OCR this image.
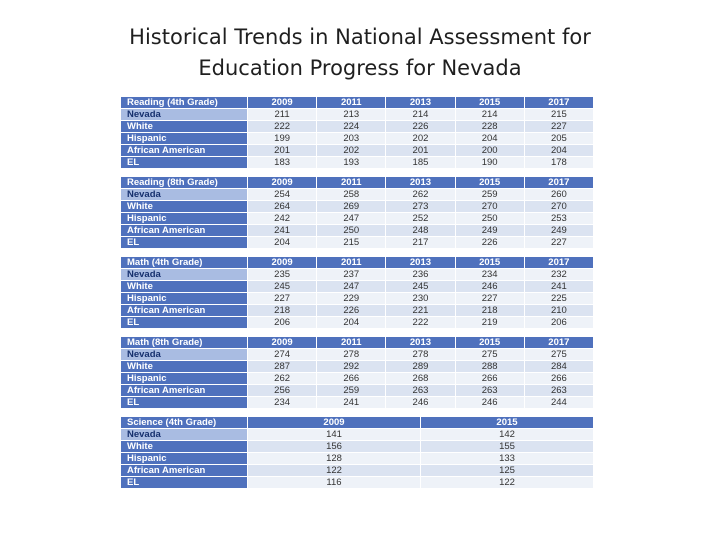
Historical Trends in National Assessment for
Education Progress for Nevada
Reading (4th Grade)	2009	2011	2013	2015	2017
Nevada	211	213	214	214	215
White	222	224	226	228	227
Hispanic	199	203	202	204	205
African American	201	202	201	200	204
EL	183	193	185	190	178
Reading (8th Grade)	2009	2011	2013	2015	2017
Nevada	254	258	262	259	260
White	264	269	273	270	270
Hispanic	242	247	252	250	253
African American	241	250	248	249	249
EL	204	215	217	226	227
Math (4th Grade)	2009	2011	2013	2015	2017
Nevada	235	237	236	234	232
White	245	247	245	246	241
Hispanic	227	229	230	227	225
African American	218	226	221	218	210
EL	206	204	222	219	206
Math (8th Grade)	2009	2011	2013	2015	2017
Nevada	274	278	278	275	275
White	287	292	289	288	284
Hispanic	262	266	268	266	266
African American	256	259	263	263	263
EL	234	241	246	246	244
Science (4th Grade)	2009	2015
Nevada	141	142
White	156	155
Hispanic	128	133
African American	122	125
EL	116	122
